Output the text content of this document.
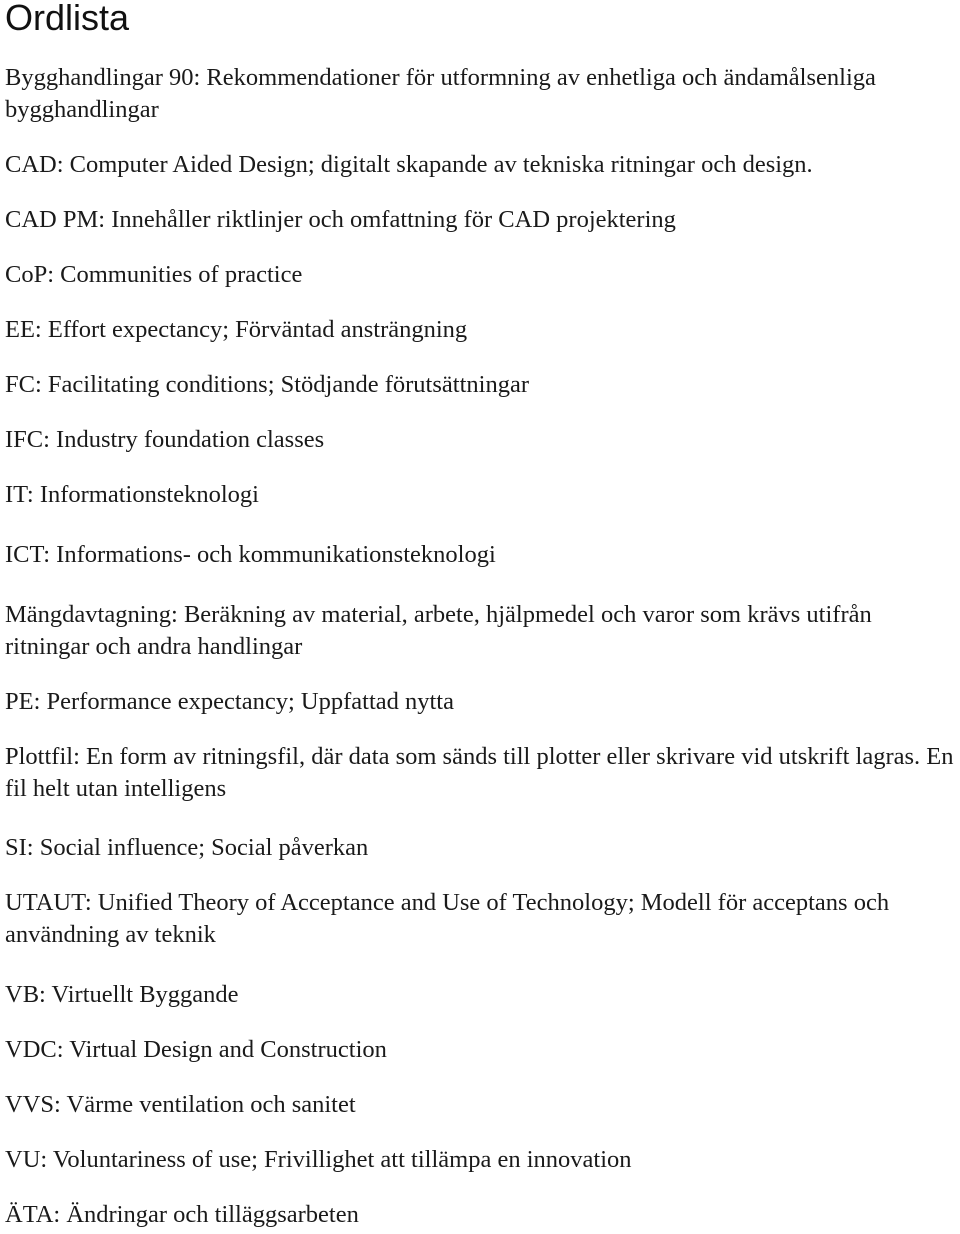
Ordlista

Bygghandlingar 90: Rekommendationer för utformning av enhetliga och ändamålsenliga bygghandlingar

CAD: Computer Aided Design; digitalt skapande av tekniska ritningar och design.

CAD PM: Innehåller riktlinjer och omfattning för CAD projektering

CoP: Communities of practice

EE: Effort expectancy; Förväntad ansträngning

FC: Facilitating conditions; Stödjande förutsättningar

IFC: Industry foundation classes

IT: Informationsteknologi

ICT: Informations- och kommunikationsteknologi

Mängdavtagning: Beräkning av material, arbete, hjälpmedel och varor som krävs utifrån ritningar och andra handlingar

PE: Performance expectancy; Uppfattad nytta

Plottfil: En form av ritningsfil, där data som sänds till plotter eller skrivare vid utskrift lagras. En fil helt utan intelligens

SI: Social influence; Social påverkan

UTAUT: Unified Theory of Acceptance and Use of Technology; Modell för acceptans och användning av teknik

VB: Virtuellt Byggande

VDC: Virtual Design and Construction

VVS: Värme ventilation och sanitet

VU: Voluntariness of use; Frivillighet att tillämpa en innovation

ÄTA: Ändringar och tilläggsarbeten
